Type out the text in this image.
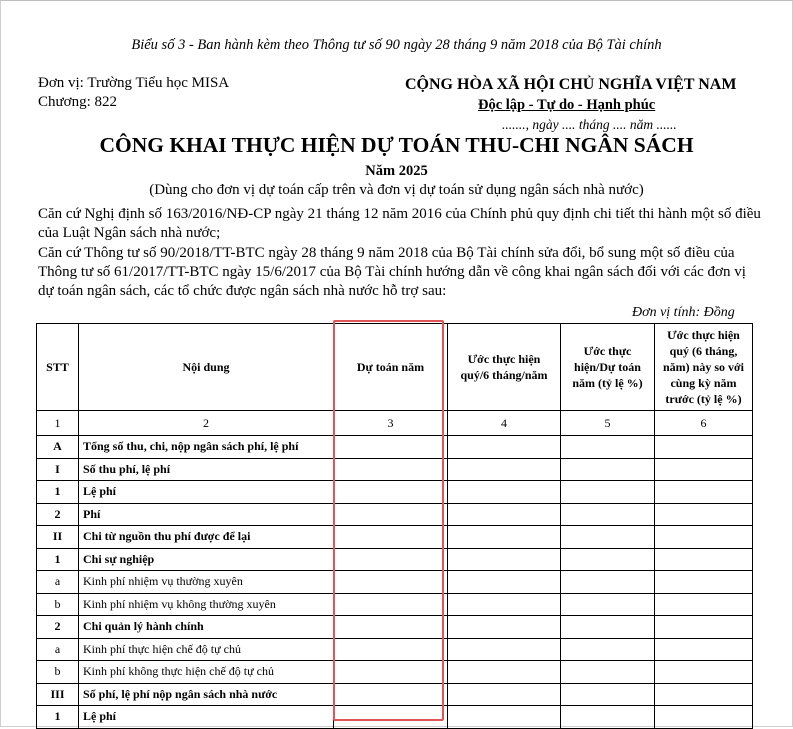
Biểu số 3 - Ban hành kèm theo Thông tư số 90 ngày 28 tháng 9 năm 2018 của Bộ Tài chính
Đơn vị: Trường Tiểu học MISA
Chương: 822
CỘNG HÒA XÃ HỘI CHỦ NGHĨA VIỆT NAM
Độc lập - Tự do - Hạnh phúc
......., ngày .... tháng .... năm ......
CÔNG KHAI THỰC HIỆN DỰ TOÁN THU-CHI NGÂN SÁCH
Năm 2025
(Dùng cho đơn vị dự toán cấp trên và đơn vị dự toán sử dụng ngân sách nhà nước)

Căn cứ Nghị định số 163/2016/NĐ-CP ngày 21 tháng 12 năm 2016 của Chính phủ quy định chi tiết thi hành một số điều của Luật Ngân sách nhà nước;

Căn cứ Thông tư số 90/2018/TT-BTC ngày 28 tháng 9 năm 2018 của Bộ Tài chính sửa đổi, bổ sung một số điều của Thông tư số 61/2017/TT-BTC ngày 15/6/2017 của Bộ Tài chính hướng dẫn về công khai ngân sách đối với các đơn vị dự toán ngân sách, các tổ chức được ngân sách nhà nước hỗ trợ sau:

Đơn vị tính: Đồng
STT	Nội dung	Dự toán năm	Ước thực hiện quý/6 tháng/năm	Ước thực hiện/Dự toán năm (tỷ lệ %)	Ước thực hiện quý (6 tháng, năm) này so với cùng kỳ năm trước (tỷ lệ %)
1	2	3	4	5	6
A	Tổng số thu, chi, nộp ngân sách phí, lệ phí				
I	Số thu phí, lệ phí				
1	Lệ phí				
2	Phí				
II	Chi từ nguồn thu phí được để lại				
1	Chi sự nghiệp				
a	Kinh phí nhiệm vụ thường xuyên				
b	Kinh phí nhiệm vụ không thường xuyên				
2	Chi quản lý hành chính				
a	Kinh phí thực hiện chế độ tự chủ				
b	Kinh phí không thực hiện chế độ tự chủ				
III	Số phí, lệ phí nộp ngân sách nhà nước				
1	Lệ phí				
